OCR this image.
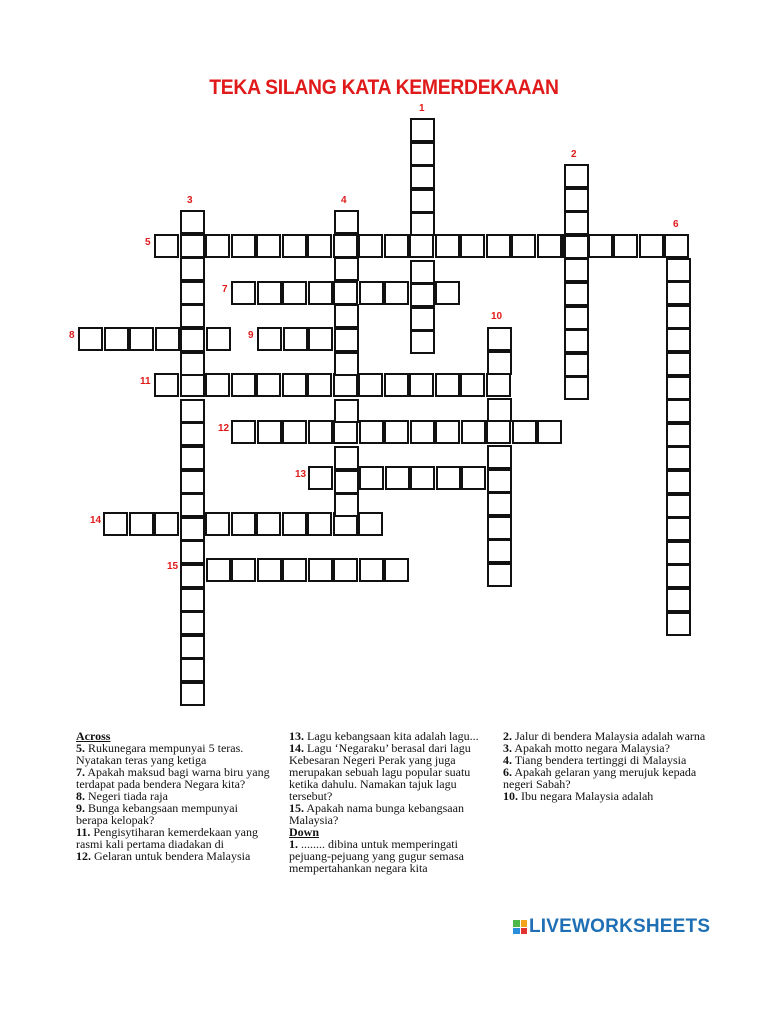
TEKA SILANG KATA KEMERDEKAAAN
1
2
3	4
5
6
7
8	9
10
11
12
13
14
15

Across

5. Rukunegara mempunyai 5 teras. Nyatakan teras yang ketiga

7. Apakah maksud bagi warna biru yang terdapat pada bendera Negara kita?

8. Negeri tiada raja

9. Bunga kebangsaan mempunyai berapa kelopak?

11. Pengisytiharan kemerdekaan yang rasmi kali pertama diadakan di

12. Gelaran untuk bendera Malaysia

13. Lagu kebangsaan kita adalah lagu...

14. Lagu ‘Negaraku’ berasal dari lagu Kebesaran Negeri Perak yang juga merupakan sebuah lagu popular suatu ketika dahulu. Namakan tajuk lagu tersebut?

15. Apakah nama bunga kebangsaan Malaysia?

Down

1. ........ dibina untuk memperingati pejuang-pejuang yang gugur semasa mempertahankan negara kita

2. Jalur di bendera Malaysia adalah warna

3. Apakah motto negara Malaysia?

4. Tiang bendera tertinggi di Malaysia

6. Apakah gelaran yang merujuk kepada negeri Sabah?

10. Ibu negara Malaysia adalah

LIVEWORKSHEETS
